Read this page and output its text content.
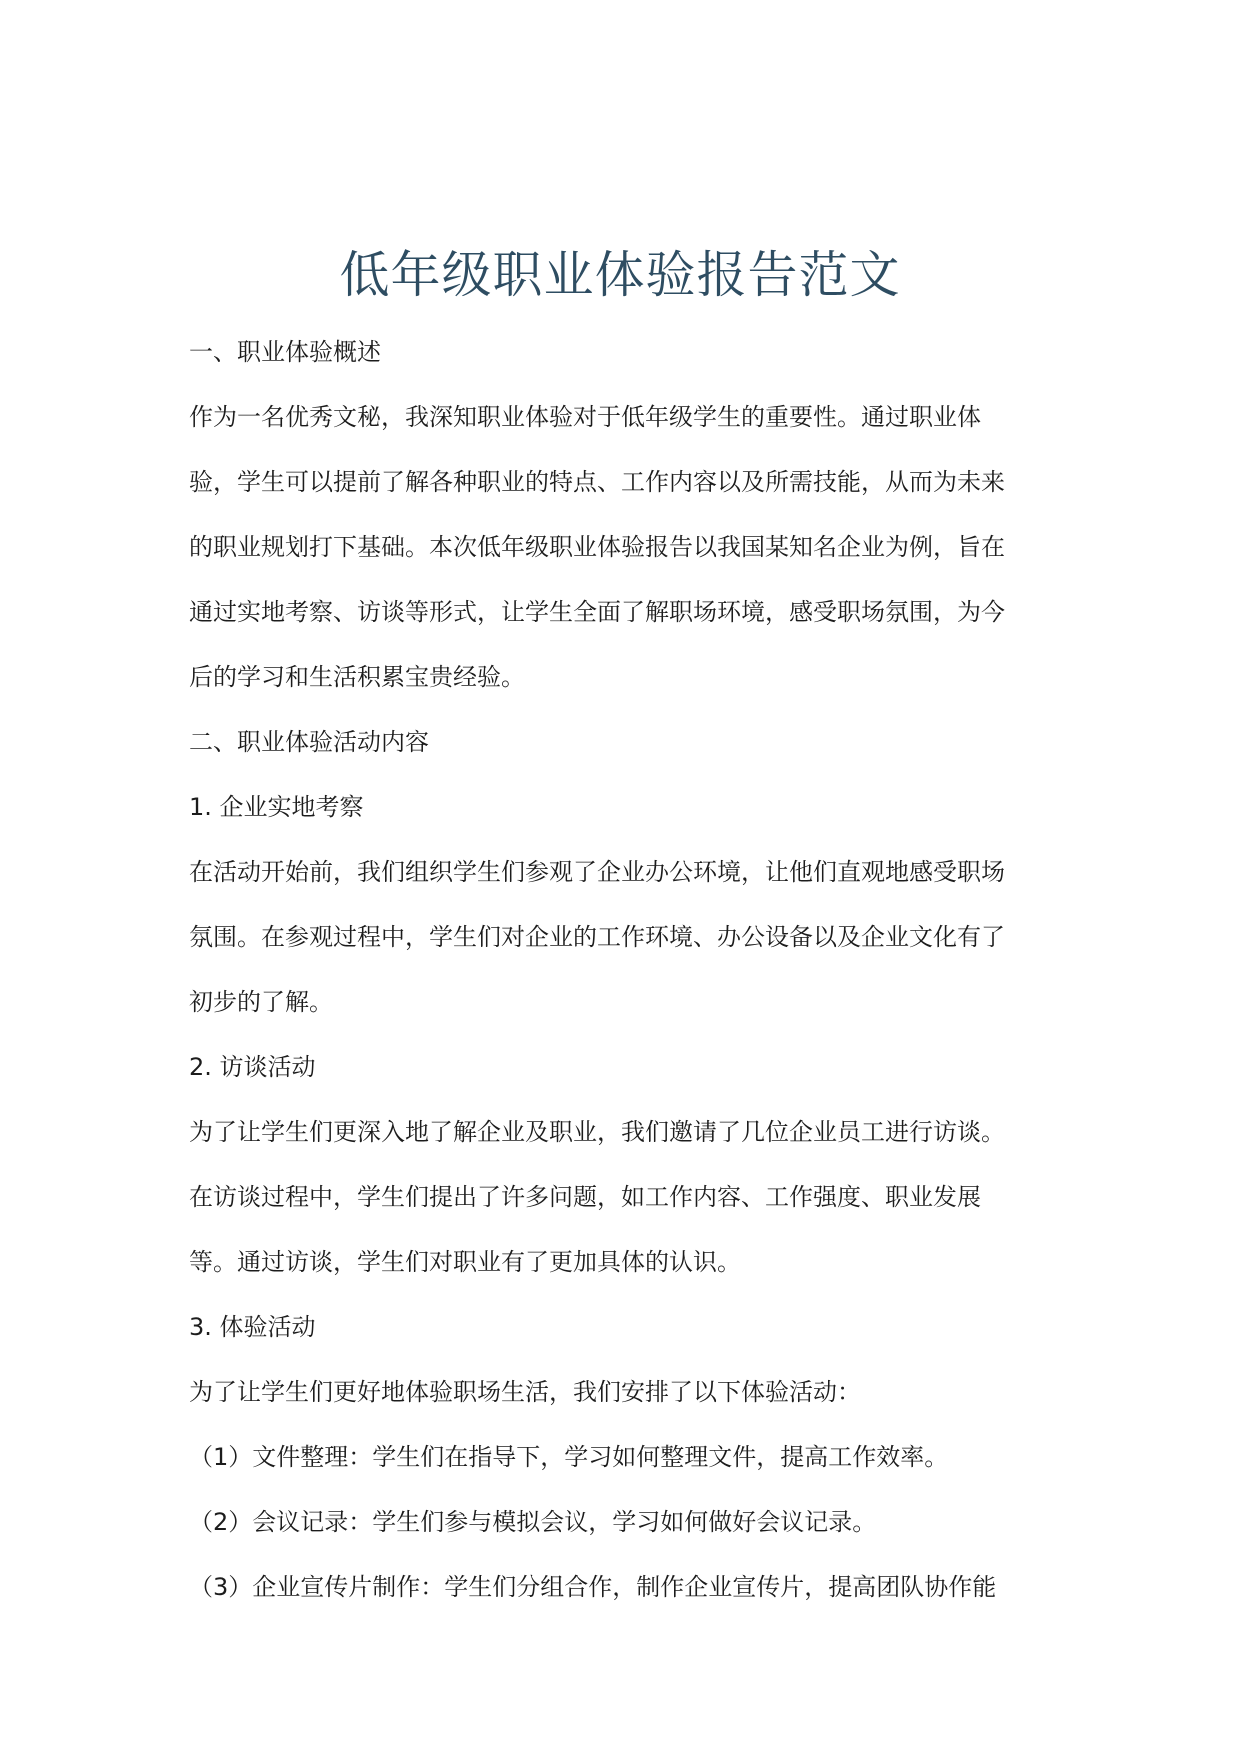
低年级职业体验报告范文
一、职业体验概述
作为一名优秀文秘，我深知职业体验对于低年级学生的重要性。通过职业体
验，学生可以提前了解各种职业的特点、工作内容以及所需技能，从而为未来
的职业规划打下基础。本次低年级职业体验报告以我国某知名企业为例，旨在
通过实地考察、访谈等形式，让学生全面了解职场环境，感受职场氛围，为今
后的学习和生活积累宝贵经验。
二、职业体验活动内容
1. 企业实地考察
在活动开始前，我们组织学生们参观了企业办公环境，让他们直观地感受职场
氛围。在参观过程中，学生们对企业的工作环境、办公设备以及企业文化有了
初步的了解。
2. 访谈活动
为了让学生们更深入地了解企业及职业，我们邀请了几位企业员工进行访谈。
在访谈过程中，学生们提出了许多问题，如工作内容、工作强度、职业发展
等。通过访谈，学生们对职业有了更加具体的认识。
3. 体验活动
为了让学生们更好地体验职场生活，我们安排了以下体验活动：
（1）文件整理：学生们在指导下，学习如何整理文件，提高工作效率。
（2）会议记录：学生们参与模拟会议，学习如何做好会议记录。
（3）企业宣传片制作：学生们分组合作，制作企业宣传片，提高团队协作能
